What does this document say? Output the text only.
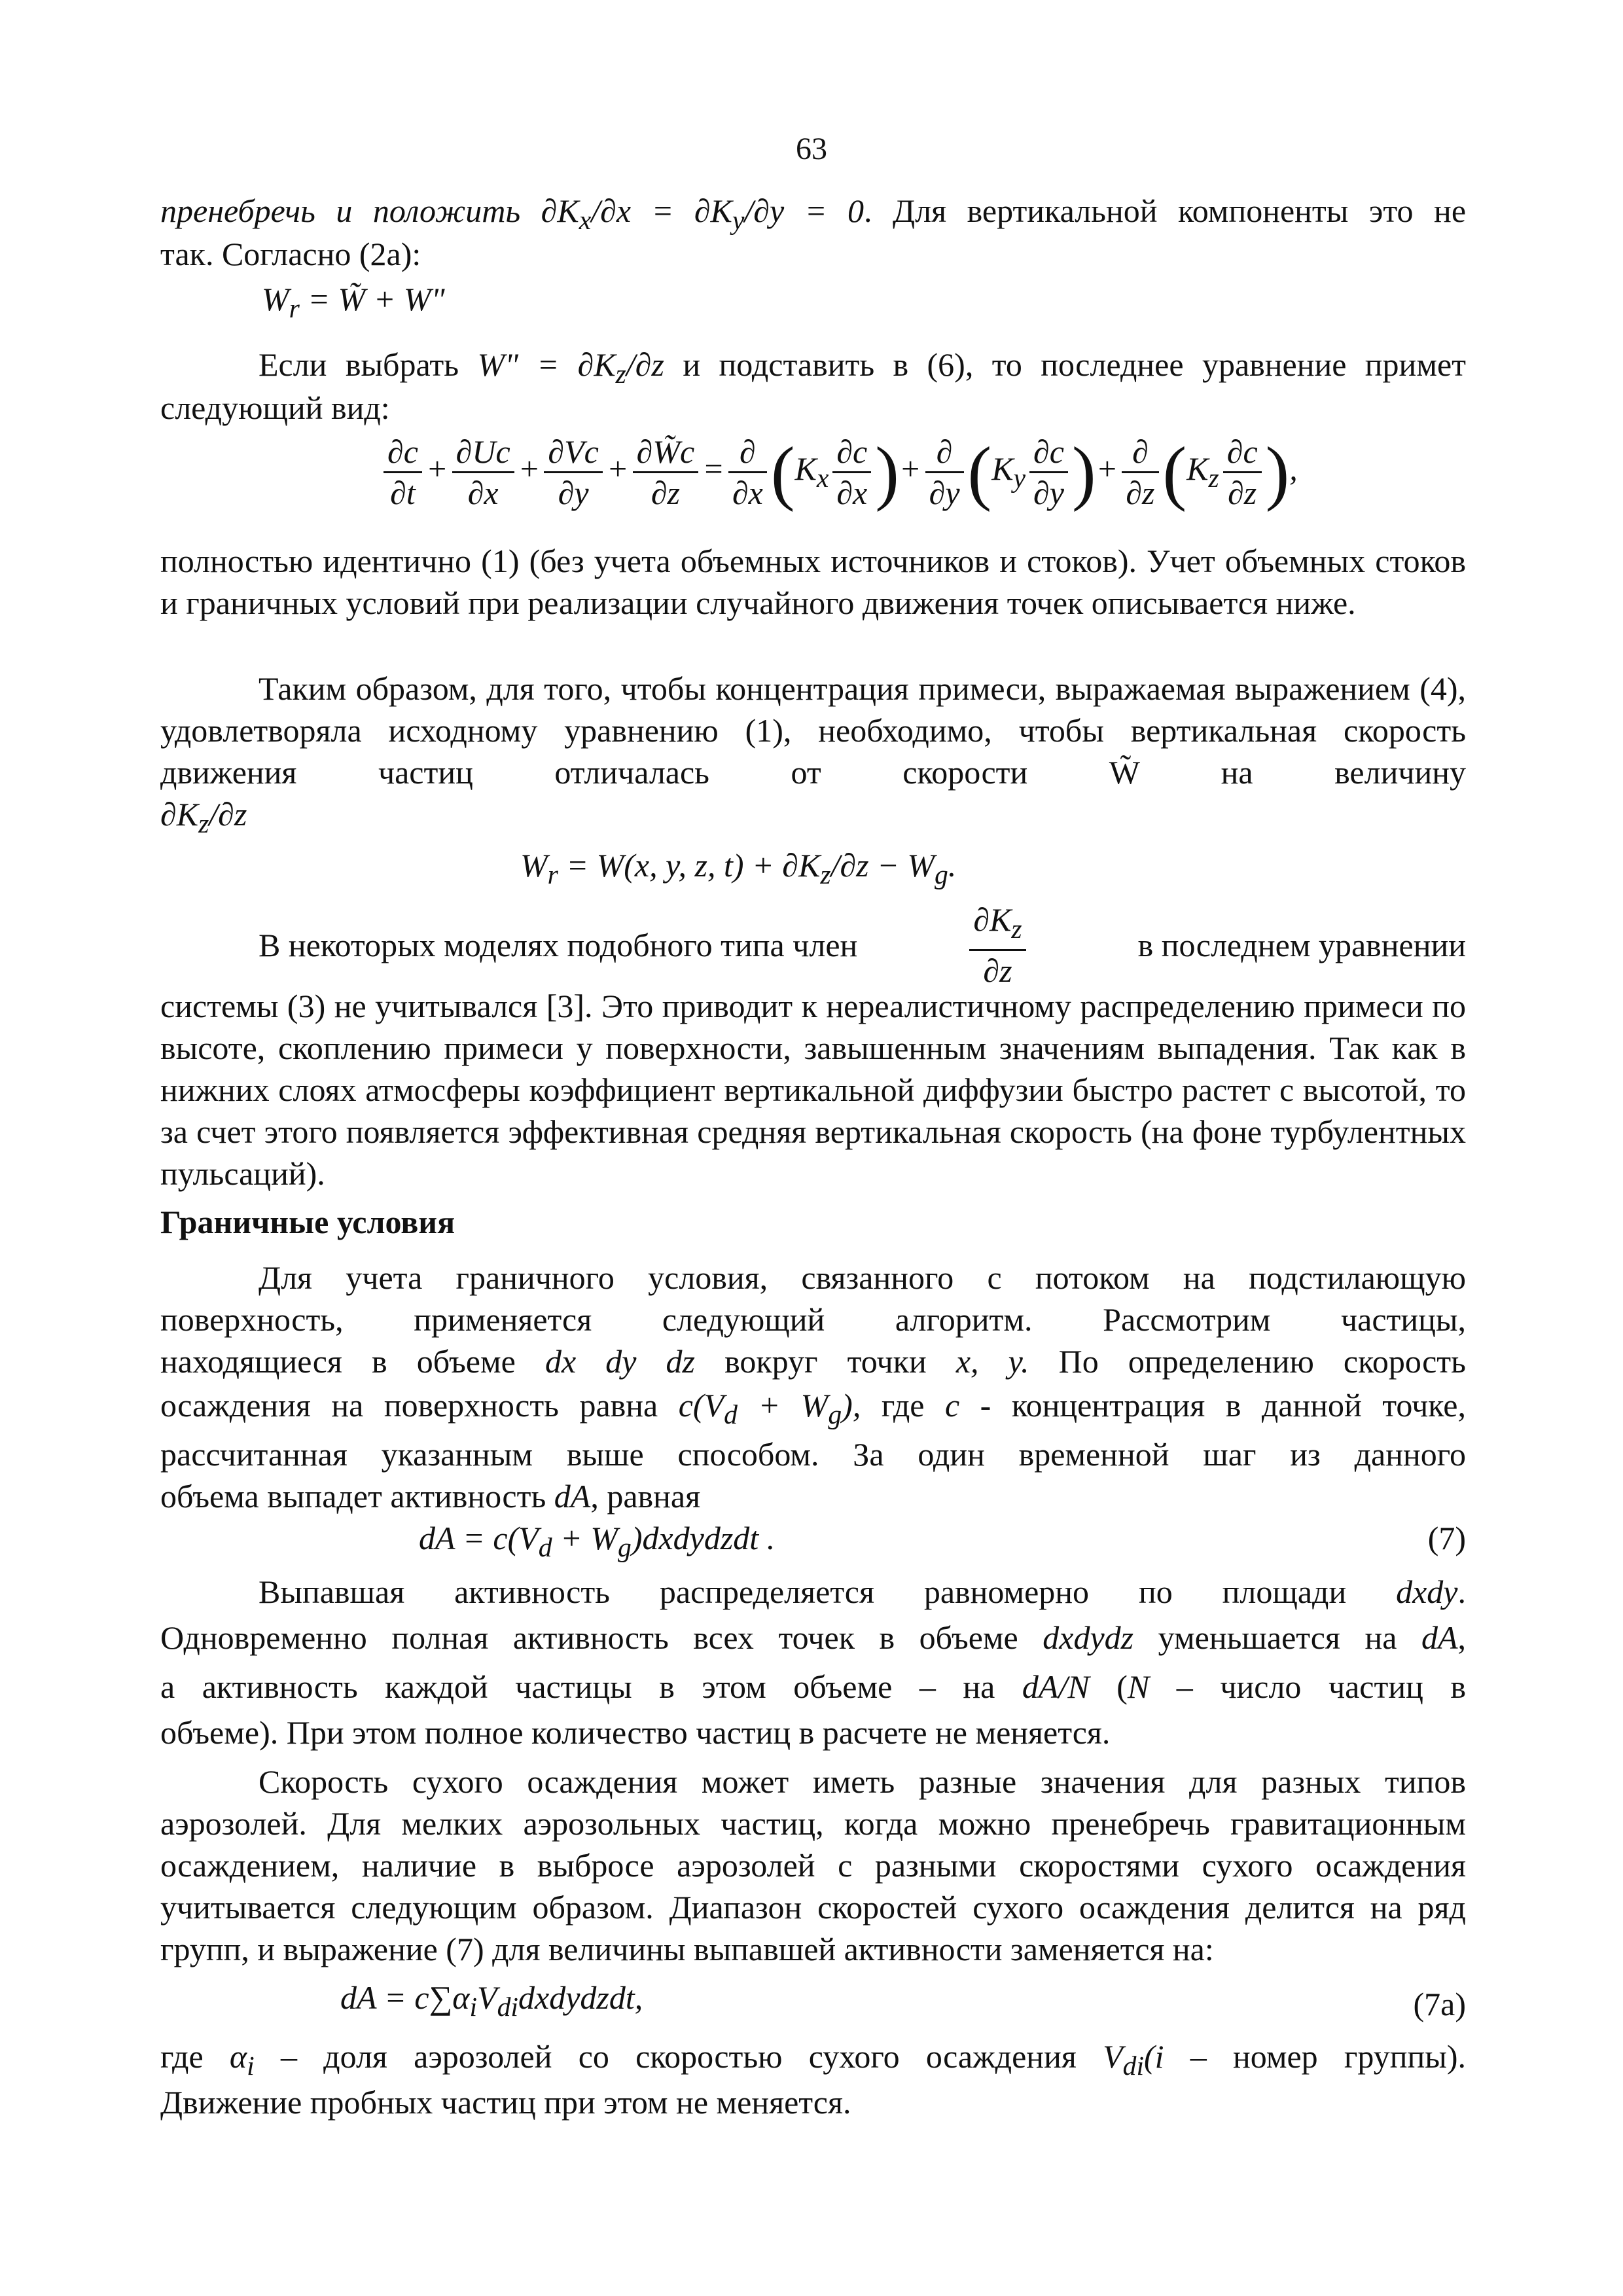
63
пренебречь и положить $\partial K_x/\partial x = \partial K_y/\partial y = 0$. Для вертикальной компоненты это не
так. Согласно (2а):
$W_r$ = W̃ + W"
Если выбрать W" = $\partial K_z/\partial z$ и подставить в (6), то последнее уравнение примет
следующий вид:
$\frac{\partial c}{\partial t} + \frac{\partial Uc}{\partial x} + \frac{\partial Vc}{\partial y} + \frac{\partial W̃c}{\partial z} = \frac{\partial}{\partial x} (K_x \frac{\partial c}{\partial x}$ )+ $\frac{\partial}{\partial y} (K_y \frac{\partial c}{\partial y}$ )+ $\frac{\partial}{\partial z} (K_z \frac{\partial c}{\partial z}$ ),
полностью идентично (1) (без учета объемных источников и стоков). Учет объемных стоков и граничных условий при реализации случайного движения точек описывается ниже.
Таким образом, для того, чтобы концентрация примеси, выражаемая выражением (4), удовлетворяла исходному уравнению (1), необходимо, чтобы вертикальная скорость движения частиц отличалась от скорости W̃ на величину
$\partial K_z/\partial z$
$W_r = W(x$, y, z, $t) + \partial K_z/\partial z - W_g$.
В некоторых моделях подобного типа член	$\frac{\partial K_z}{\partial z}$	в последнем уравнении
системы (3) не учитывался [3]. Это приводит к нереалистичному распределению примеси по высоте, скоплению примеси у поверхности, завышенным значениям выпадения. Так как в нижних слоях атмосферы коэффициент вертикальной диффузии быстро растет с высотой, то за счет этого появляется эффективная средняя вертикальная скорость (на фоне турбулентных пульсаций).
Граничные условия
Для учета граничного условия, связанного с потоком на подстилающую
поверхность, применяется следующий алгоритм. Рассмотрим частицы,
находящиеся в объеме dx dy dz вокруг точки x, y. По определению скорость
осаждения на поверхность равна $c(V_d + W_g)$, где c - концентрация в данной точке,
рассчитанная указанным выше способом. За один временной шаг из данного
объема выпадет активность dA, равная
dA = $c(V_d$ + $W_g)dxdydzdt$ .	(7)
Выпавшая активность распределяется равномерно по площади dxdy.
Одновременно полная активность всех точек в объеме dxdydz уменьшается на dA,
а активность каждой частицы в этом объеме – на dA/N (N – число частиц в
объеме). При этом полное количество частиц в расчете не меняется.
Скорость сухого осаждения может иметь разные значения для разных типов аэрозолей. Для мелких аэрозольных частиц, когда можно пренебречь гравитационным осаждением, наличие в выбросе аэрозолей с разными скоростями сухого осаждения учитывается следующим образом. Диапазон скоростей сухого осаждения делится на ряд групп, и выражение (7) для величины выпавшей активности заменяется на:
dA = $c\sum\alpha_iV_{di}dxdydzdt$,	(7а)
где $\alpha_i$ – доля аэрозолей со скоростью сухого осаждения $V_{di}(i$ – номер группы).
Движение пробных частиц при этом не меняется.
